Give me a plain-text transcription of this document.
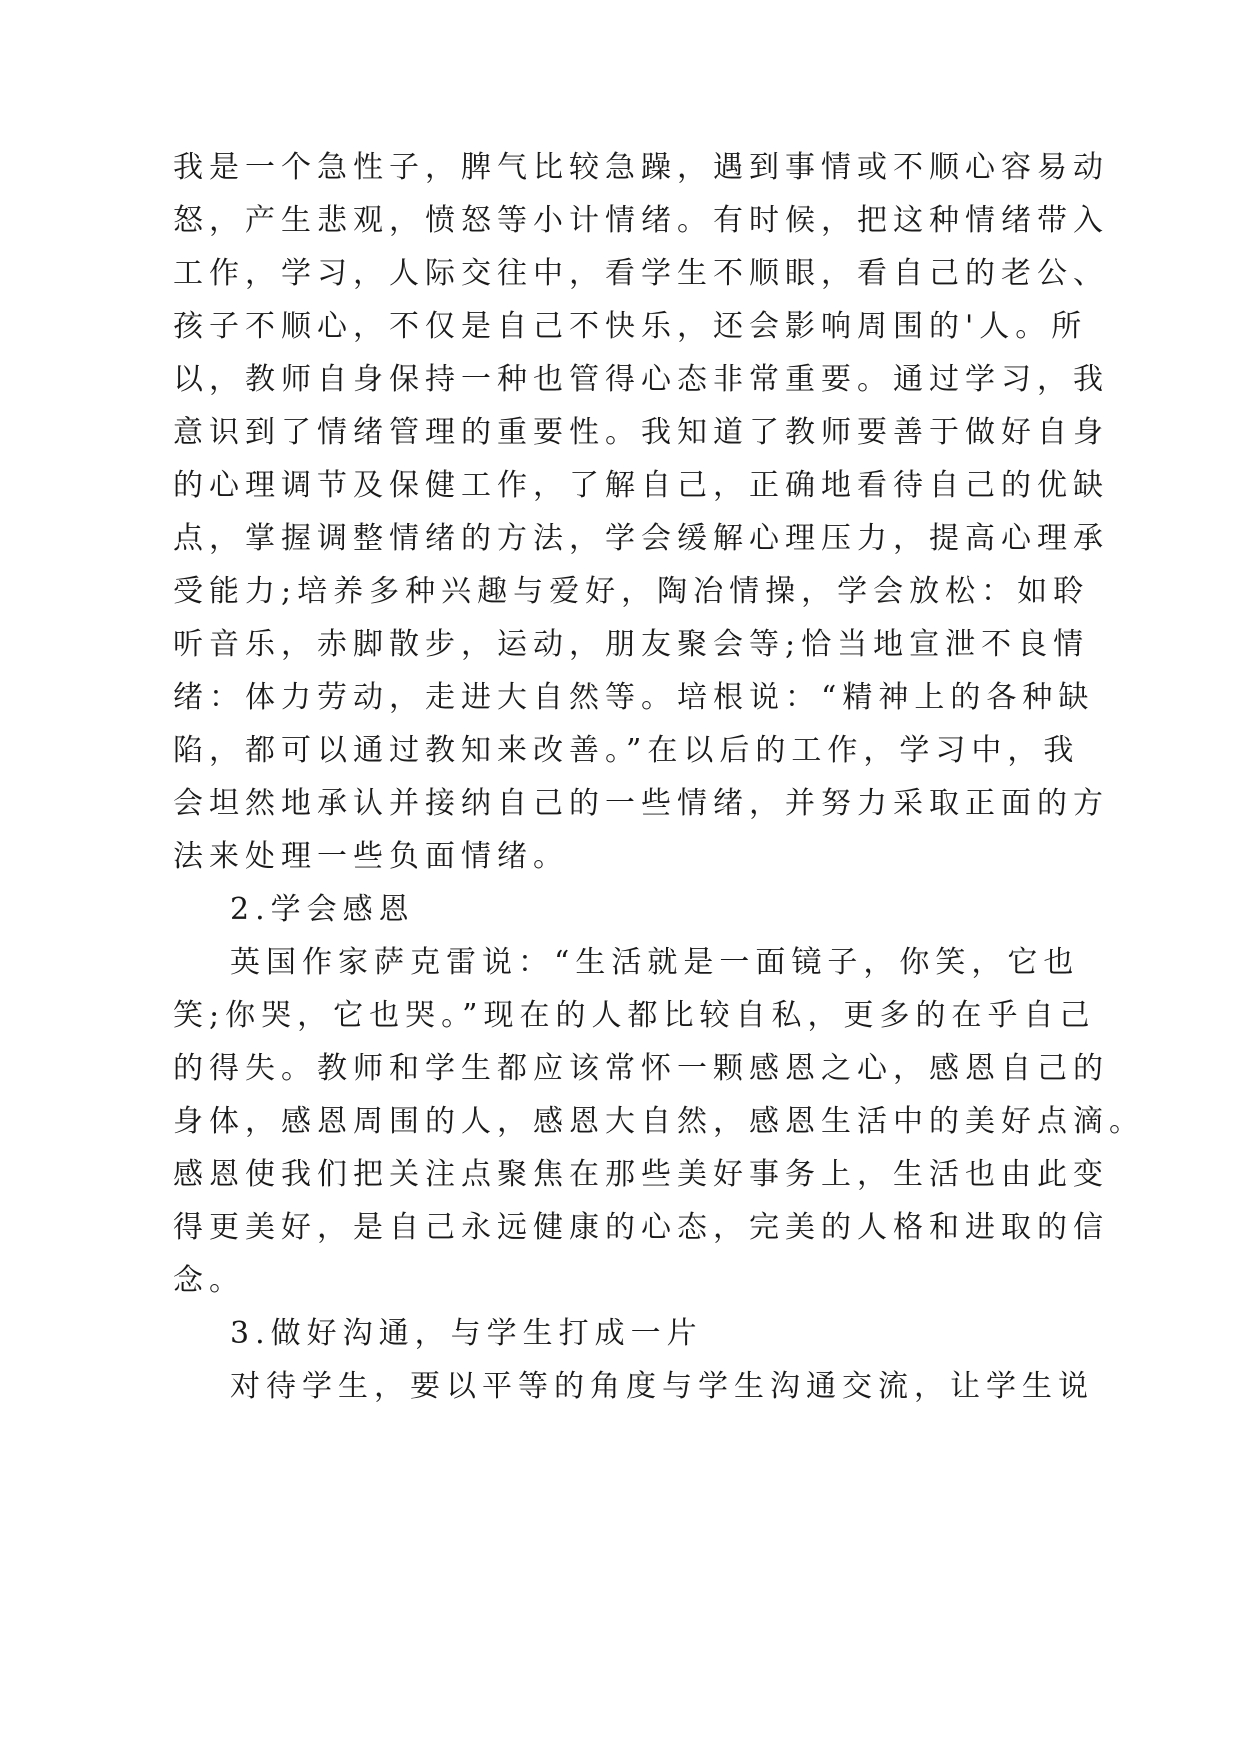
我是一个急性子，脾气比较急躁，遇到事情或不顺心容易动
怒，产生悲观，愤怒等小计情绪。有时候，把这种情绪带入
工作，学习，人际交往中，看学生不顺眼，看自己的老公、
孩子不顺心，不仅是自己不快乐，还会影响周围的'人。所
以，教师自身保持一种也管得心态非常重要。通过学习，我
意识到了情绪管理的重要性。我知道了教师要善于做好自身
的心理调节及保健工作，了解自己，正确地看待自己的优缺
点，掌握调整情绪的方法，学会缓解心理压力，提高心理承
受能力;培养多种兴趣与爱好，陶冶情操，学会放松：如聆
听音乐，赤脚散步，运动，朋友聚会等;恰当地宣泄不良情
绪：体力劳动，走进大自然等。培根说：“精神上的各种缺
陷，都可以通过教知来改善。”在以后的工作，学习中，我
会坦然地承认并接纳自己的一些情绪，并努力采取正面的方
法来处理一些负面情绪。
2.学会感恩
英国作家萨克雷说：“生活就是一面镜子，你笑，它也
笑;你哭，它也哭。”现在的人都比较自私，更多的在乎自己
的得失。教师和学生都应该常怀一颗感恩之心，感恩自己的
身体，感恩周围的人，感恩大自然，感恩生活中的美好点滴。
感恩使我们把关注点聚焦在那些美好事务上，生活也由此变
得更美好，是自己永远健康的心态，完美的人格和进取的信
念。
3.做好沟通，与学生打成一片
对待学生，要以平等的角度与学生沟通交流，让学生说
